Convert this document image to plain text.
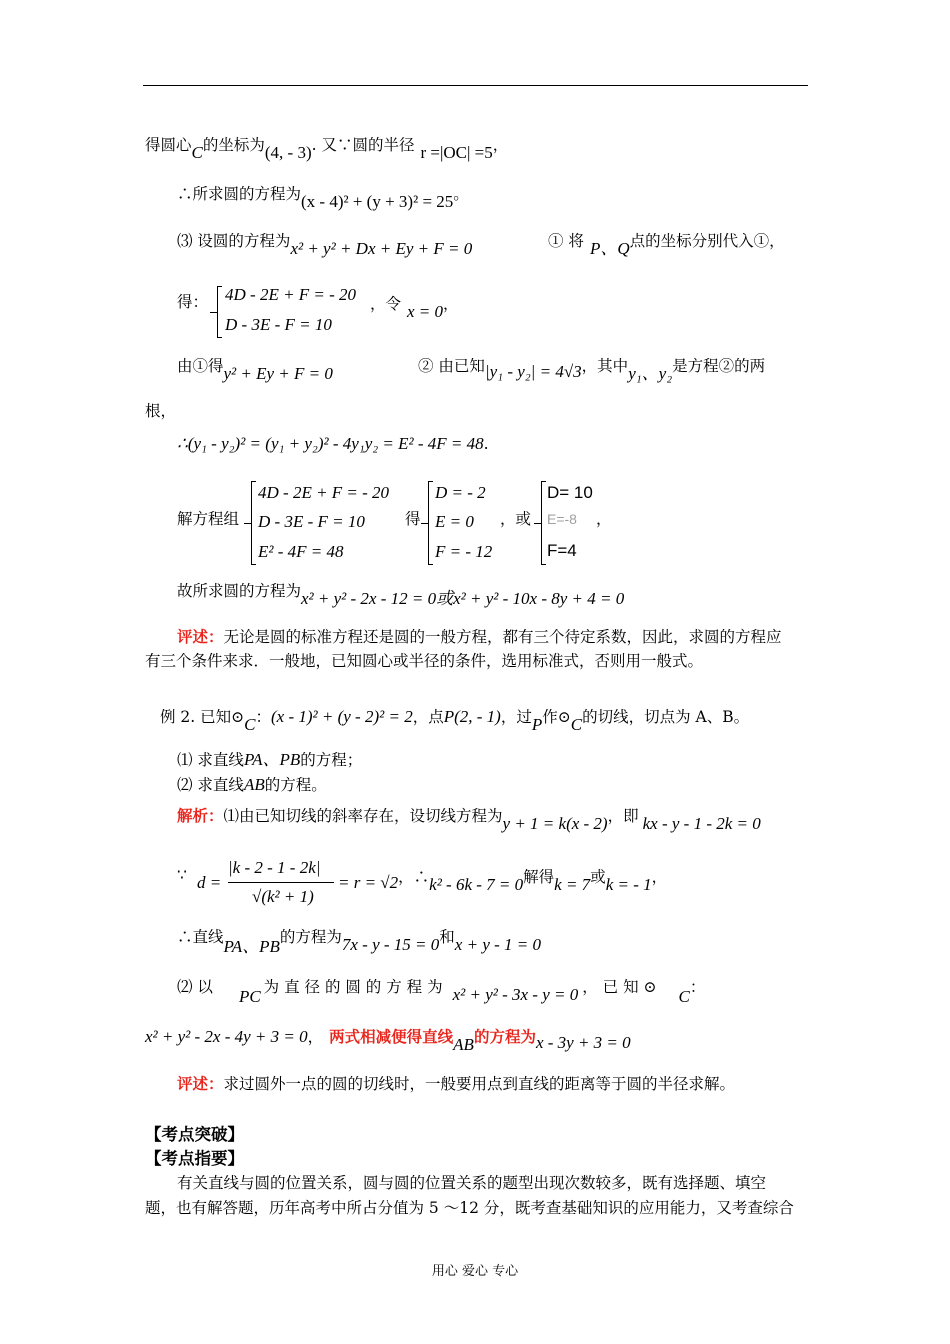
得圆心C的坐标为(4, - 3). 又∵圆的半径 r =|OC| =5，
∴所求圆的方程为(x - 4)² + (y + 3)² = 25。
⑶ 设圆的方程为x² + y² + Dx + Ey + F = 0	① 将 P、Q点的坐标分别代入①，
得： 4D - 2E + F = - 20
D - 3E - F = 10
，令 x = 0，
由①得y² + Ey + F = 0	② 由已知|y₁ - y₂| = 4√3，其中y₁、y₂是方程②的两
根，
∴(y₁ - y₂)² = (y₁ + y₂)² - 4y₁y₂ = E² - 4F = 48.
解方程组
4D - 2E + F = - 20
D - 3E - F = 10
E² - 4F = 48
得
D = - 2
E = 0
F = - 12
，或
D= 10
E=-8
F=4
，
故所求圆的方程为x² + y² - 2x - 12 = 0或x² + y² - 10x - 8y + 4 = 0
评述：无论是圆的标准方程还是圆的一般方程，都有三个待定系数，因此，求圆的方程应
有三个条件来求．一般地，已知圆心或半径的条件，选用标准式，否则用一般式。
例 2. 已知⊙C：(x - 1)² + (y - 2)² = 2，点P(2, - 1)，过P作⊙C的切线，切点为 A、B。
⑴ 求直线PA、PB的方程；
⑵ 求直线AB的方程。
解析：⑴由已知切线的斜率存在，设切线方程为y + 1 = k(x - 2)，即 kx - y - 1 - 2k = 0
∵ d =
|k - 2 - 1 - 2k|
√(k² + 1)
= r = √2，∴k² - 6k - 7 = 0解得k = 7或k = - 1，
∴直线PA、PB的方程为7x - y - 15 = 0和x + y - 1 = 0
⑵ 以 PC 为 直 径 的 圆 的 方 程 为 x² + y² - 3x - y = 0 ， 已 知 ⊙ C：
x² + y² - 2x - 4y + 3 = 0， 两式相减便得直线AB的方程为x - 3y + 3 = 0
评述：求过圆外一点的圆的切线时，一般要用点到直线的距离等于圆的半径求解。
【考点突破】
【考点指要】
有关直线与圆的位置关系，圆与圆的位置关系的题型出现次数较多，既有选择题、填空
题，也有解答题，历年高考中所占分值为 5 ～12 分，既考查基础知识的应用能力，又考查综合
用心 爱心 专心
